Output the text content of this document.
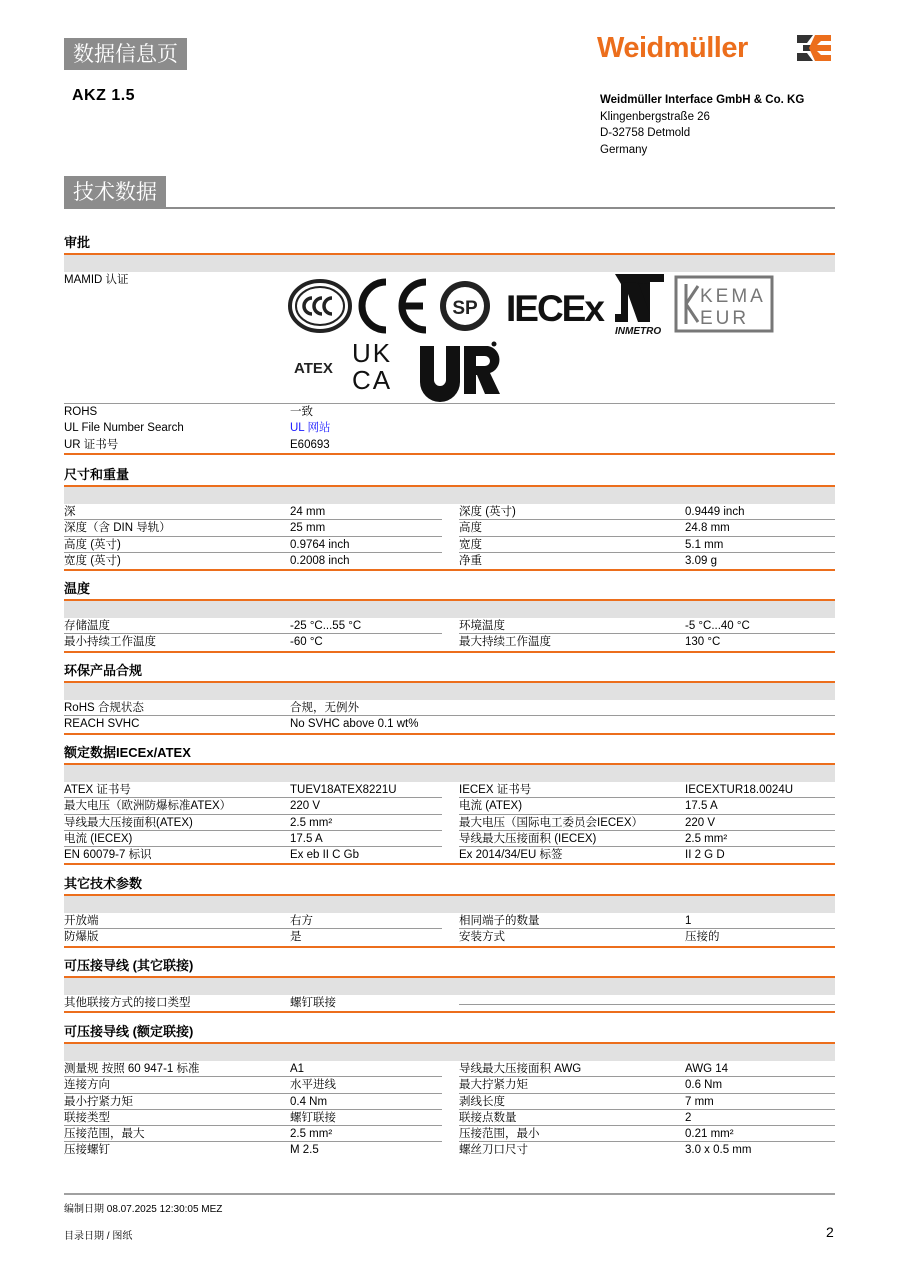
数据信息页
AKZ 1.5
Weidmüller
Weidmüller Interface GmbH & Co. KG
Klingenbergstraße 26
D-32758 Detmold
Germany
技术数据
审批
MAMID 认证
SP IECEx
INMETRO
KEMA
EUR
ATEX
UK
CA
ROHS	一致
UL File Number Search	UL 网站
UR 证书号	E60693
尺寸和重量
深	24 mm	深度 (英寸)	0.9449 inch
深度（含 DIN 导轨）	25 mm	高度	24.8 mm
高度 (英寸)	0.9764 inch	宽度	5.1 mm
宽度 (英寸)	0.2008 inch	净重	3.09 g
温度
存储温度	-25 °C...55 °C	环境温度	-5 °C...40 °C
最小持续工作温度	-60 °C	最大持续工作温度	130 °C
环保产品合规
RoHS 合规状态	合规，无例外
REACH SVHC	No SVHC above 0.1 wt%
额定数据IECEx/ATEX
ATEX 证书号	TUEV18ATEX8221U	IECEX 证书号	IECEXTUR18.0024U
最大电压（欧洲防爆标准ATEX）	220 V	电流 (ATEX)	17.5 A
导线最大压接面积(ATEX)	2.5 mm²	最大电压（国际电工委员会IECEX）	220 V
电流 (IECEX)	17.5 A	导线最大压接面积 (IECEX)	2.5 mm²
EN 60079-7 标识	Ex eb II C Gb	Ex 2014/34/EU 标签	II 2 G D
其它技术参数
开放端	右方	相同端子的数量	1
防爆版	是	安装方式	压接的
可压接导线 (其它联接)
其他联接方式的接口类型	螺钉联接
可压接导线 (额定联接)
测量规 按照 60 947-1 标准	A1	导线最大压接面积 AWG	AWG 14
连接方向	水平进线	最大拧紧力矩	0.6 Nm
最小拧紧力矩	0.4 Nm	剥线长度	7 mm
联接类型	螺钉联接	联接点数量	2
压接范围，最大	2.5 mm²	压接范围，最小	0.21 mm²
压接螺钉	M 2.5	螺丝刀口尺寸	3.0 x 0.5 mm
编制日期 08.07.2025 12:30:05 MEZ
目录日期 / 图纸	2
